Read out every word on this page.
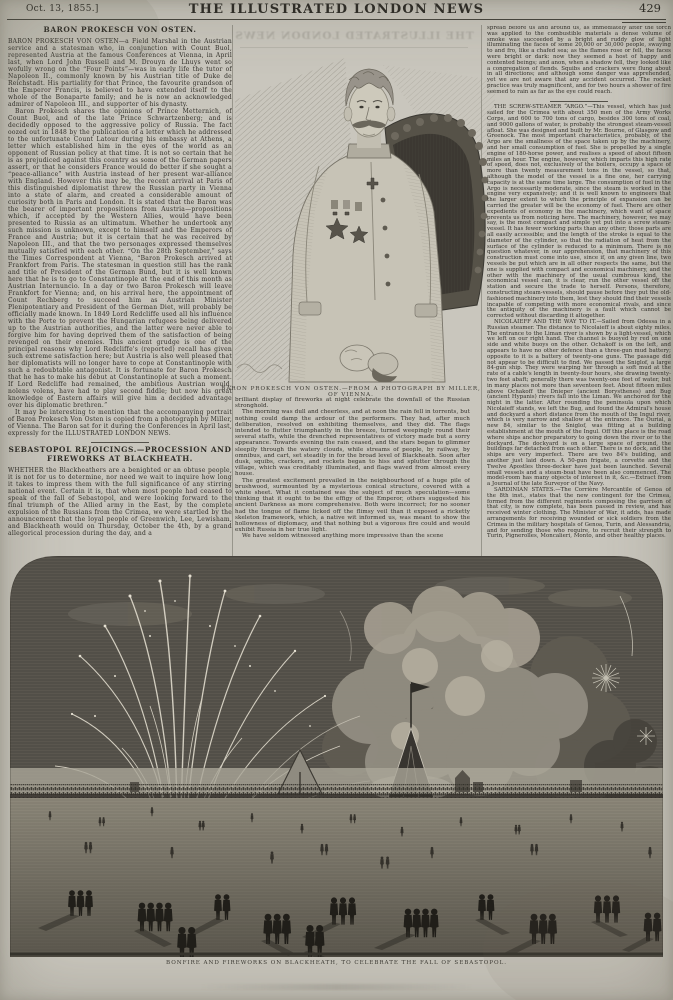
Oct. 13, 1855.]	THE ILLUSTRATED LONDON NEWS	429
THE ILLUSTRATED LONDON NEWS
BARON PROKESCH VON OSTEN.

BARON PROKESCH VON OSTEN—a Field Marshal in the Austrian service and a statesman who, in conjunction with Count Buol, represented Austria at the famous Conferences at Vienna, in April last, when Lord John Russell and M. Drouyn de Lhuys went so wofully wrong on the “Four Points”—was in early life the tutor of Napoleon II., commonly known by his Austrian title of Duke de Reichstadt. His partiality for that Prince, the favourite grandson of the Emperor Francis, is believed to have extended itself to the whole of the Bonaparte family; and he is now an acknowledged admirer of Napoleon III., and supporter of his dynasty.

Baron Prokesch shares the opinions of Prince Metternich, of Count Buol, and of the late Prince Schwartzenberg; and is decidedly opposed to the aggressive policy of Russia. The fact oozed out in 1848 by the publication of a letter which he addressed to the unfortunate Count Latour during his embassy at Athens, a letter which established him in the eyes of the world as an opponent of Russian policy at that time. It is not so certain that he is as prejudiced against this country as some of the German papers assert, or that he considers France would do better if she sought a “peace-alliance” with Austria instead of her present war-alliance with England. However this may be, the recent arrival at Paris of this distinguished diplomatist threw the Russian party in Vienna into a state of alarm, and created a considerable amount of curiosity both in Paris and London. It is stated that the Baron was the bearer of important propositions from Austria—propositions which, if accepted by the Western Allies, would have been presented to Russia as an ultimatum. Whether he undertook any such mission is unknown, except to himself and the Emperors of France and Austria; but it is certain that he was received by Napoleon III., and that the two personages expressed themselves mutually satisfied with each other. “On the 28th September,” says the Times Correspondent at Vienna, “Baron Prokesch arrived at Frankfort from Paris. The statesman in question still has the rank and title of President of the German Bund, but it is well known here that he is to go to Constantinople at the end of this month as Austrian Internuncio. In a day or two Baron Prokesch will leave Frankfort for Vienna; and, on his arrival here, the appointment of Count Rechberg to succeed him as Austrian Minister Plenipotentiary and President of the German Diet, will probably be officially made known. In 1849 Lord Redcliffe used all his influence with the Porte to prevent the Hungarian refugees being delivered up to the Austrian authorities, and the latter were never able to forgive him for having deprived them of the satisfaction of being revenged on their enemies. This ancient grudge is one of the principal reasons why Lord Redcliffe's (reported) recall has given such extreme satisfaction here; but Austria is also well pleased that her diplomatists will no longer have to cope at Constantinople with such a redoubtable antagonist. It is fortunate for Baron Prokesch that he has to make his début at Constantinople at such a moment. If Lord Redcliffe had remained, the ambitious Austrian would, nolens volens, have had to play second fiddle; but now his great knowledge of Eastern affairs will give him a decided advantage over his diplomatic brethren.”

It may be interesting to mention that the accompanying portrait of Baron Prokesch Von Osten is copied from a photograph by Miller, of Vienna. The Baron sat for it during the Conferences in April last, expressly for the ILLUSTRATED LONDON NEWS.

SEBASTOPOL REJOICINGS.—PROCESSION AND FIREWORKS AT BLACKHEATH.

WHETHER the Blackheathers are a benighted or an obtuse people, it is not for us to determine, nor need we wait to inquire how long it takes to impress them with the full significance of any stirring national event. Certain it is, that when most people had ceased to speak of the fall of Sebastopol, and were looking forward to the final triumph of the Allied army in the East, by the complete expulsion of the Russians from the Crimea, we were startled by the announcement that the loyal people of Greenwich, Lee, Lewisham, and Blackheath would on Thursday, October the 4th, by a grand allegorical procession during the day, and a

BARON PROKESCH VON OSTEN.—FROM A PHOTOGRAPH BY MILLER, OF VIENNA.

brilliant display of fireworks at night celebrate the downfall of the Russian stronghold.

The morning was dull and cheerless, and at noon the rain fell in torrents, but nothing could damp the ardour of the performers. They had, after much deliberation, resolved on exhibiting themselves, and they did. The flags intended to flutter triumphantly in the breeze, turned weepingly round their several staffs, while the drenched representatives of victory made but a sorry appearance. Towards evening the rain ceased, and the stars began to glimmer sleepily through the watery clouds, while streams of people, by railway, by omnibus, and cart, set steadily in for the broad level of Blackheath. Soon after dusk, squibs, crackers, and rockets began to hiss and splutter through the village, which was creditably illuminated, and flags waved from almost every house.

The greatest excitement prevailed in the neighbourhood of a huge pile of brushwood, surmounted by a mysterious conical structure, covered with a white sheet. What it contained was the subject of much speculation—some thinking that it ought to be the effigy of the Emperor, others suggested his ancient Darkness as more comprehensive. Both were incorrect; for no sooner had the tongue of flame licked off the flimsy veil than it exposed a ricketty skeleton framework, which, a native wit informed us, was meant to show the hollowness of diplomacy, and that nothing but a vigorous fire could and would exhibit Russia in her true light.

We have seldom witnessed anything more impressive than the scene

spread before us and around us, as immediately after the torch was applied to the combustible materials a dense volume of smoke was succeeded by a bright and ruddy glow of light illuminating the faces of some 20,000 or 30,000 people, swaying to and fro, like a chafed sea; as the flames rose or fell, the faces were bright or dark: now they seemed a host of happy and contented beings; and anon, when a shadow fell, they looked like a congregation of fiends. Squibs and crackers were flung about in all directions; and although some danger was apprehended, yet we are not aware that any accident occurred. The rocket practice was truly magnificent, and for two hours a shower of fire seemed to rain as far as the eye could reach.

THE SCREW-STEAMER “ARGO.”—This vessel, which has just sailed for the Crimea with about 350 men of the Army Works Corps, and 600 to 700 tons of cargo, besides 300 tons of coal, and 9000 gallons of water, is probably the strongest steam-vessel afloat. She was designed and built by Mr. Bourne, of Glasgow and Greenock. The most important characteristics, probably, of the Argo are the smallness of the space taken up by the machinery, and her small consumption of fuel. She is propelled by a single engine of 180-horse power, and realises a speed of about fifteen miles an hour. The engine, however, which imparts this high rate of speed, does not, exclusively of the boilers, occupy a space of more than twenty measurement tons in the vessel, so that, although the model of the vessel is a fine one, her carrying capacity is at the same time large. The consumption of fuel in the Argo is necessarily moderate, since the steam is worked in the engine very expansively; and it is well known to engineers that the larger extent to which the principle of expansion can be carried the greater will be the economy of fuel. There are other expedients of economy in the machinery, which want of space prevents us from noticing here. The machinery, however, we may say, is the most compact and simple yet put into a screw steam-vessel. It has fewer working parts than any other; those parts are all easily accessible; and the length of the stroke is equal to the diameter of the cylinder, so that the radiation of heat from the surface of the cylinder is reduced to a minimum. There is no question whatever, in our apprehension, that machinery of this construction must come into use, since if, on any given line, two vessels be put which are in all other respects the same, but the one is supplied with compact and economical machinery, and the other with the machinery of the usual cumbrous kind, the economical vessel can, it is clear, run the other vessel off the station and secure the trade to herself. Persons, therefore, constructing steam-vessels, should pause before they put the old-fashioned machinery into them, lest they should find their vessels incapable of competing with more economical rivals, and since the antiquity of the machinery is a fault which cannot be corrected without discarding it altogether.

NICOLAIEFF AND THE WAY TO IT.—Sailed from Odessa in a Russian steamer. The distance to Nicolaieff is about eighty miles. The entrance to the Liman river is shown by a light-vessel, which we left on our right hand. The channel is buoyed by red on one side and white buoys on the other. Ochakoff is on the left, and appears to have no other defence than a three-gun mud battery; opposite to it is a battery of twenty-one guns. The passage did not appear to be difficult to find. We passed the Sniglof, a large 84-gun ship. They were warping her through a soft mud at the rate of a cable's length in twenty-four hours, she drawing twenty-two feet abaft; generally there was twenty-one feet of water, but in many places not more than seventeen feet. About fifteen miles above Ochakoff the Dnieper (ancient Borysthenes) and Bug (ancient Hypanis) rivers fall into the Liman. We anchored for the night in the latter. After rounding the peninsula upon which Nicolaieff stands, we left the Bug, and found the Admiral's house and dockyard a short distance from the mouth of the Ingul river, which is very narrow and shallow at the entrance. The Ourial, a new 84, similar to the Sniglof, was fitting at a building establishment at the mouth of the Ingul. Off this place is the road where ships anchor preparatory to going down the river or to the dockyard. The dockyard is on a large space of ground, the buildings far detached from each other. There is no dock, and the ships are very imperfect. There are two 84's building, and another just laid down. A 50-gun frigate, a corvette and the Twelve Apostles three-decker have just been launched. Several small vessels and a steam-boat have been also commenced. The model-room has many objects of interest in it, &c.—Extract from a Journal of the late Surveyor of the Navy.

SARDINIAN STATES.—The Corrière Mercantile of Genoa of the 8th inst., states that the new contingent for the Crimea, formed from the different regiments composing the garrison of that city, is now complete, has been passed in review, and has received winter clothing. The Minister of War, it adds, has made arrangements for receiving wounded or sick soldiers from the Crimea in the military hospitals of Genoa, Turin, and Alessandria, and for sending those who require, to recruit their strength to Turin, Pignerolles, Moncalieri, Monto, and other healthy places.

BONFIRE AND FIREWORKS ON BLACKHEATH, TO CELEBRATE THE FALL OF SEBASTOPOL.
